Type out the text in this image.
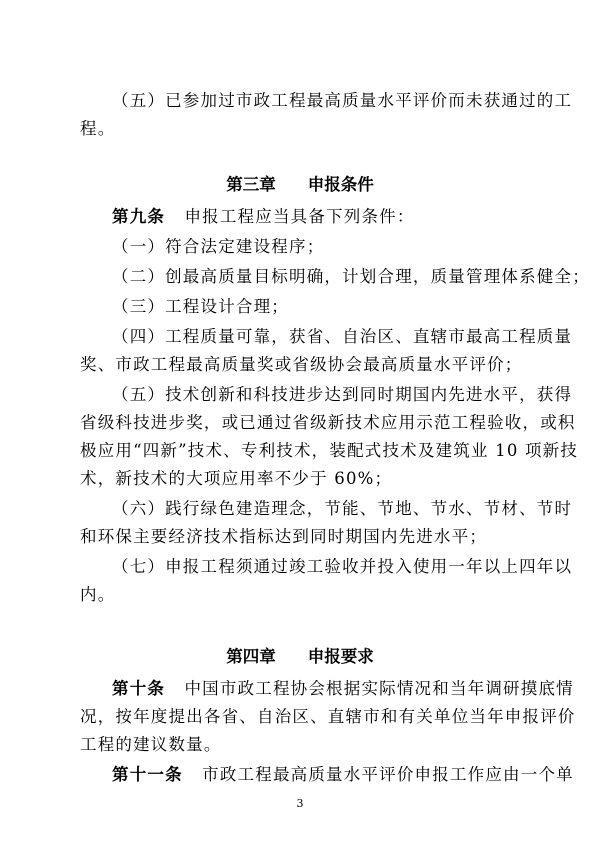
（五）已参加过市政工程最高质量水平评价而未获通过的工
程。
第三章 申报条件
第九条 申报工程应当具备下列条件：
（一）符合法定建设程序；
（二）创最高质量目标明确，计划合理，质量管理体系健全；
（三）工程设计合理；
（四）工程质量可靠，获省、自治区、直辖市最高工程质量
奖、市政工程最高质量奖或省级协会最高质量水平评价；
（五）技术创新和科技进步达到同时期国内先进水平，获得
省级科技进步奖，或已通过省级新技术应用示范工程验收，或积
极应用“四新”技术、专利技术，装配式技术及建筑业 10 项新技
术，新技术的大项应用率不少于 60%；
（六）践行绿色建造理念，节能、节地、节水、节材、节时
和环保主要经济技术指标达到同时期国内先进水平；
（七）申报工程须通过竣工验收并投入使用一年以上四年以
内。
第四章 申报要求
第十条 中国市政工程协会根据实际情况和当年调研摸底情
况，按年度提出各省、自治区、直辖市和有关单位当年申报评价
工程的建议数量。
第十一条 市政工程最高质量水平评价申报工作应由一个单
3
